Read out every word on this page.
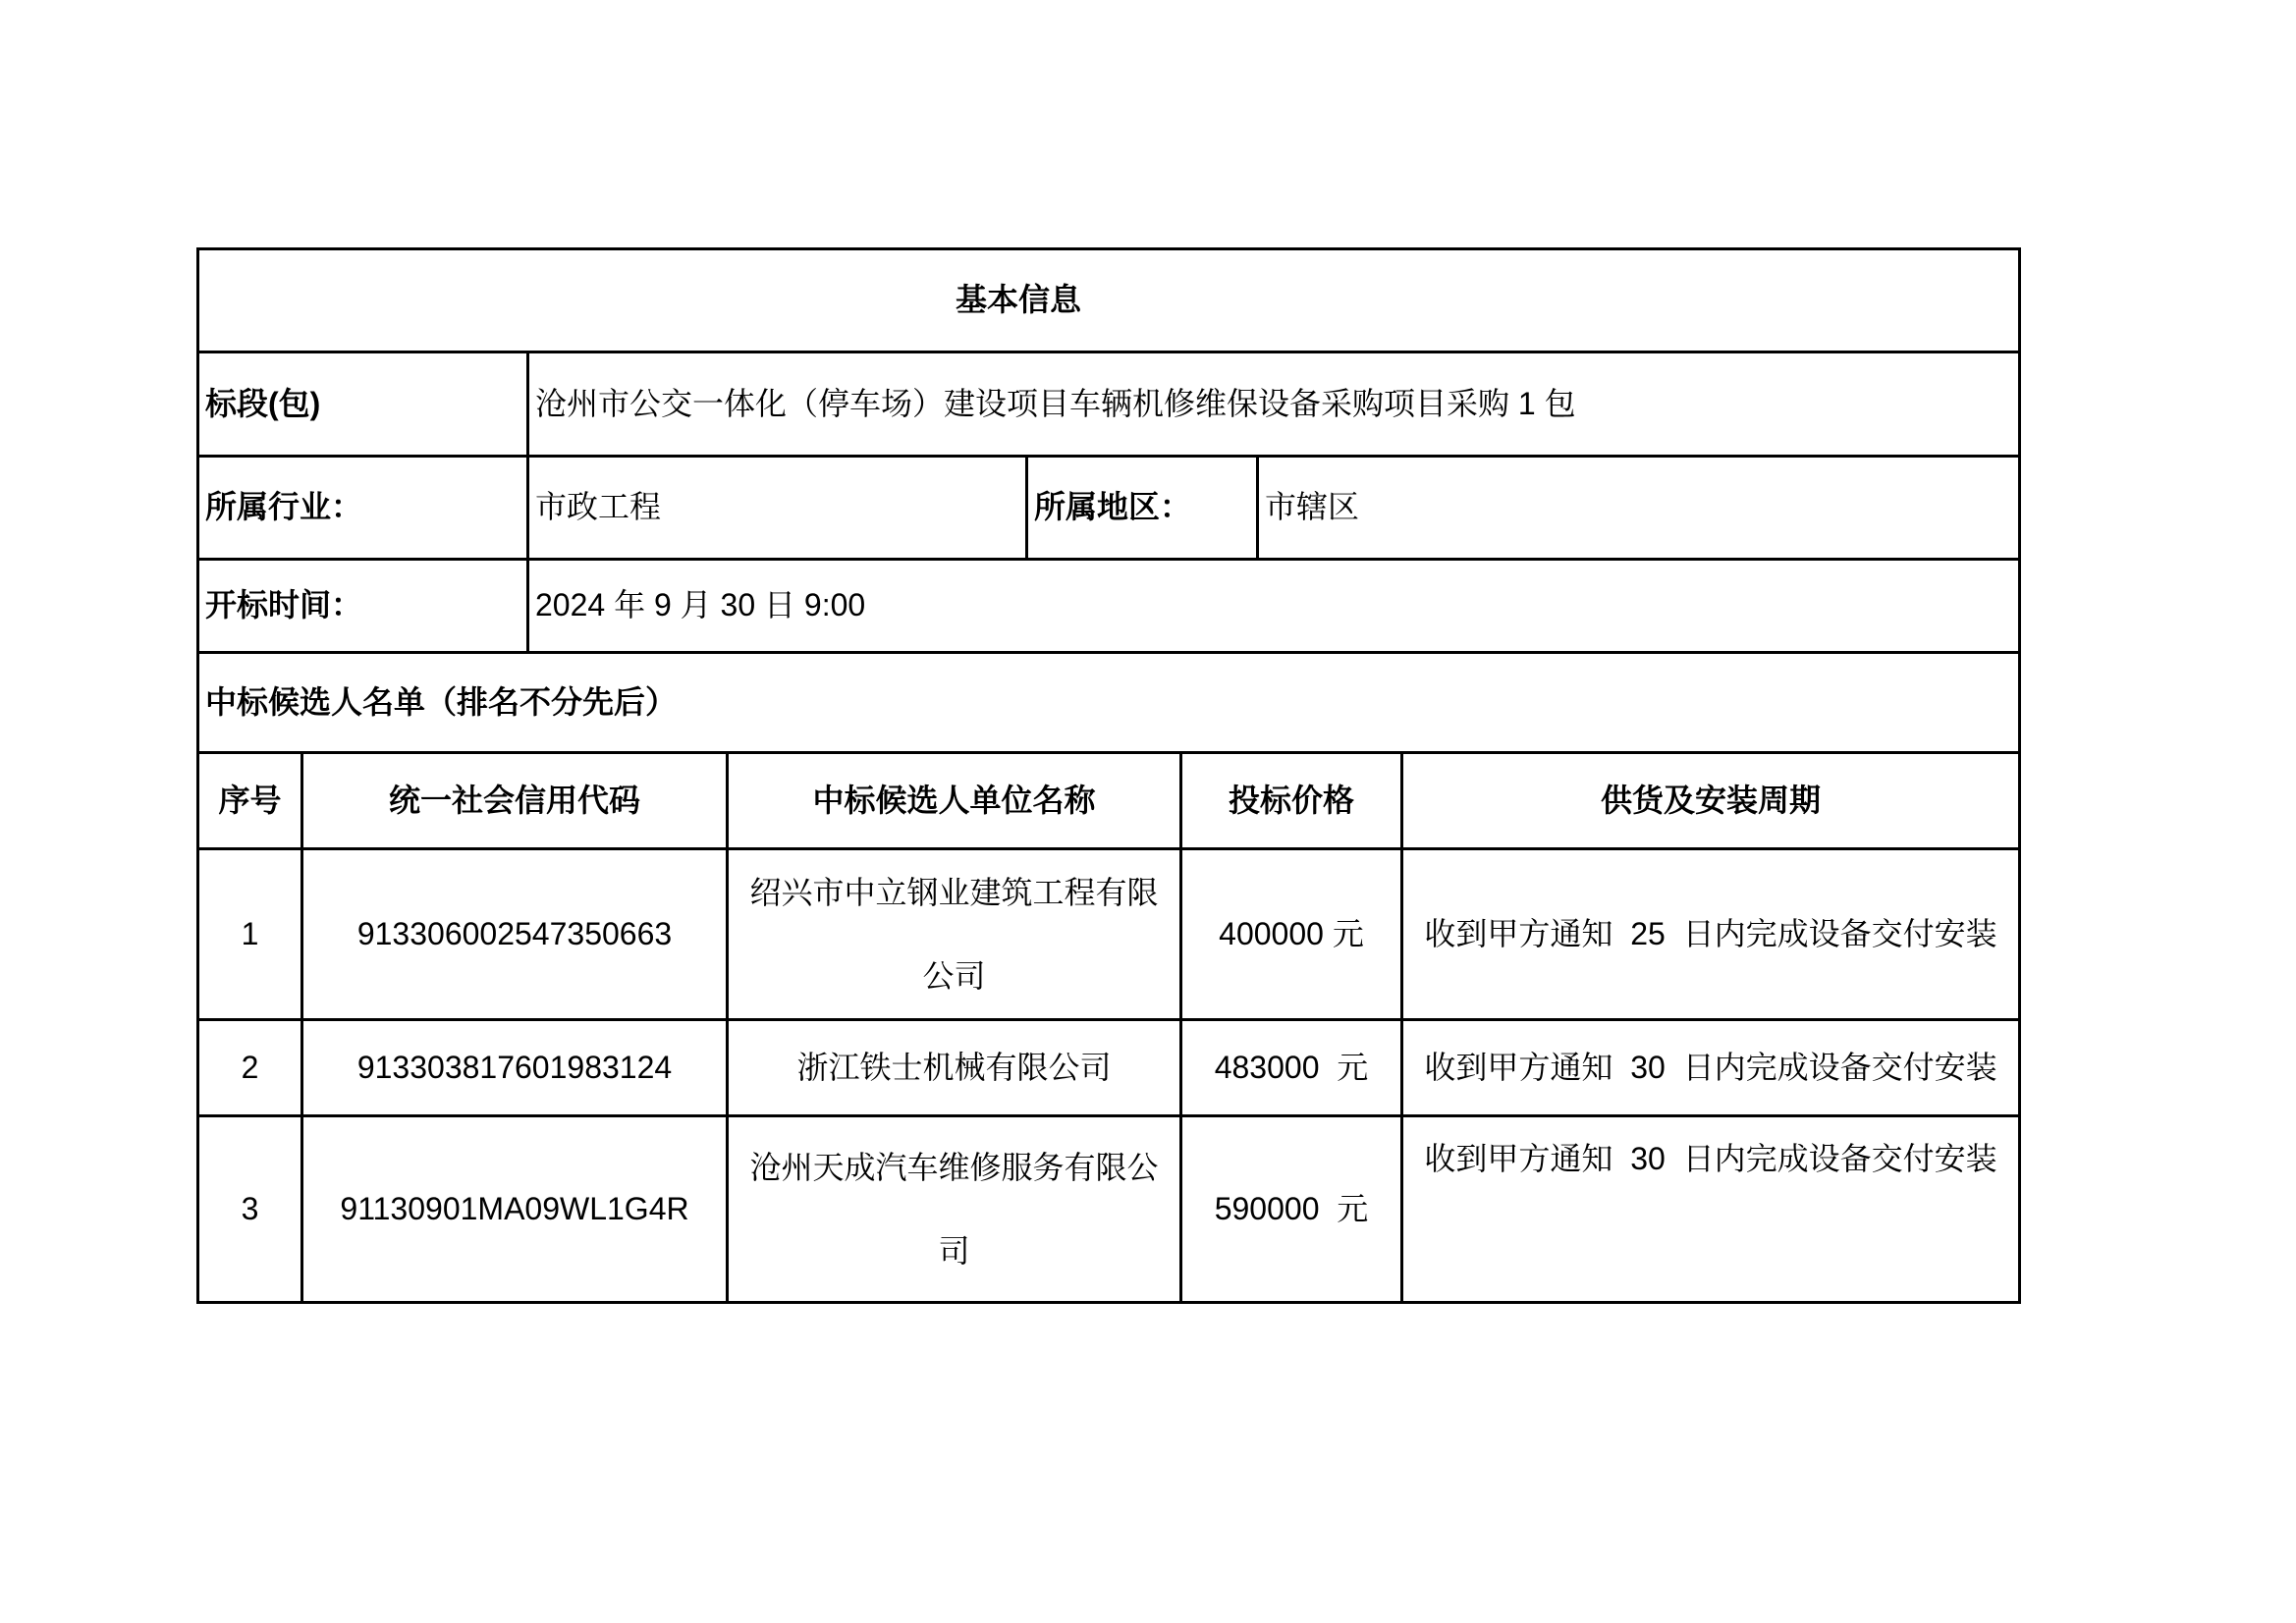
基本信息							
标段(包)		沧州市公交一体化（停车场）建设项目车辆机修维保设备采购项目采购 1 包					
所属行业：		市政工程		所属地区：		市辖区	
开标时间：		2024 年 9 月 30 日 9:00					
中标候选人名单（排名不分先后）							
序号	统一社会信用代码		中标候选人单位名称		投标价格		供货及安装周期
1	913306002547350663		绍兴市中立钢业建筑工程有限公司		400000 元		收到甲方通知  25  日内完成设备交付安装
2	913303817601983124		浙江铁士机械有限公司		483000  元		收到甲方通知  30  日内完成设备交付安装
3	91130901MA09WL1G4R		沧州天成汽车维修服务有限公司		590000  元		收到甲方通知  30  日内完成设备交付安装
